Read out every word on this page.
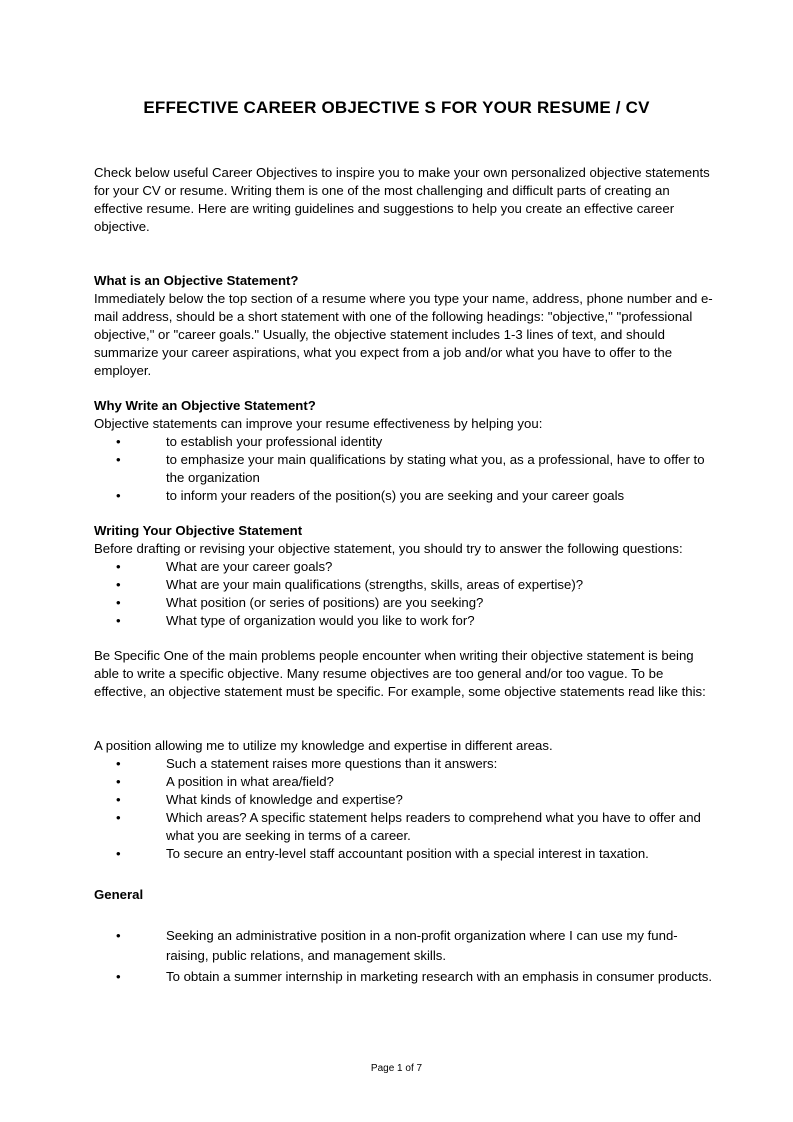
EFFECTIVE CAREER OBJECTIVE S FOR YOUR RESUME / CV

Check below useful Career Objectives to inspire you to make your own personalized objective statements for your CV or resume. Writing them is one of the most challenging and difficult parts of creating an effective resume. Here are writing guidelines and suggestions to help you create an effective career objective.

What is an Objective Statement?

Immediately below the top section of a resume where you type your name, address, phone number and e-mail address, should be a short statement with one of the following headings: "objective," "professional objective," or "career goals." Usually, the objective statement includes 1-3 lines of text, and should summarize your career aspirations, what you expect from a job and/or what you have to offer to the employer.

Why Write an Objective Statement?

Objective statements can improve your resume effectiveness by helping you:

•	to establish your professional identity
•	to emphasize your main qualifications by stating what you, as a professional, have to offer to the organization
•	to inform your readers of the position(s) you are seeking and your career goals
Writing Your Objective Statement

Before drafting or revising your objective statement, you should try to answer the following questions:

•	What are your career goals?
•	What are your main qualifications (strengths, skills, areas of expertise)?
•	What position (or series of positions) are you seeking?
•	What type of organization would you like to work for?

Be Specific One of the main problems people encounter when writing their objective statement is being able to write a specific objective. Many resume objectives are too general and/or too vague. To be effective, an objective statement must be specific. For example, some objective statements read like this:

A position allowing me to utilize my knowledge and expertise in different areas.

•	Such a statement raises more questions than it answers:
•	A position in what area/field?
•	What kinds of knowledge and expertise?
•	Which areas? A specific statement helps readers to comprehend what you have to offer and what you are seeking in terms of a career.
•	To secure an entry-level staff accountant position with a special interest in taxation.
General
•	Seeking an administrative position in a non-profit organization where I can use my fund-raising, public relations, and management skills.
•	To obtain a summer internship in marketing research with an emphasis in consumer products.
Page 1 of 7
